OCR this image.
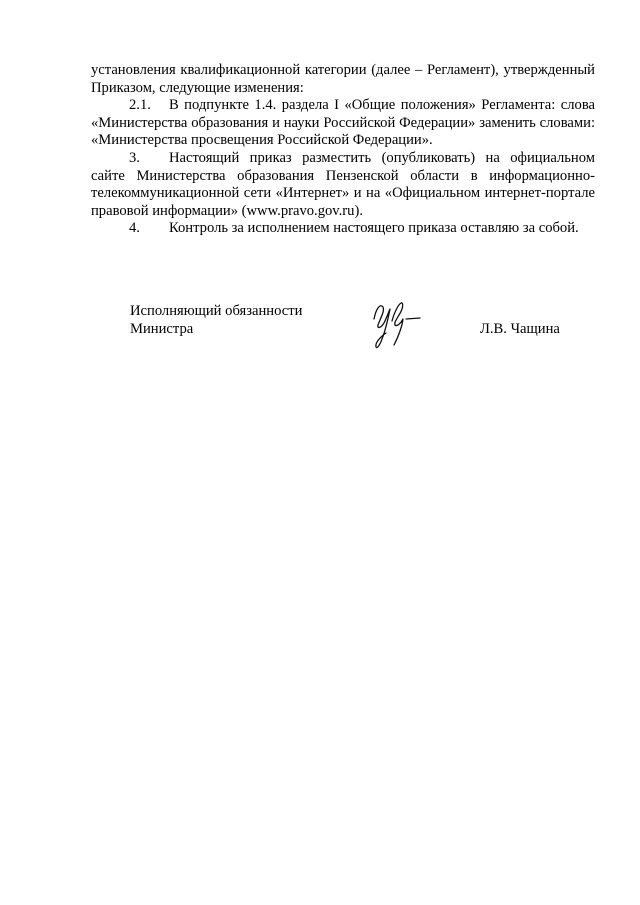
установления квалификационной категории (далее – Регламент), утвержденный Приказом, следующие изменения:

2.1. В подпункте 1.4. раздела I «Общие положения» Регламента: слова «Министерства образования и науки Российской Федерации» заменить словами: «Министерства просвещения Российской Федерации».

3. Настоящий приказ разместить (опубликовать) на официальном сайте Министерства образования Пензенской области в информационно-телекоммуникационной сети «Интернет» и на «Официальном интернет-портале правовой информации» (www.pravo.gov.ru).

4. Контроль за исполнением настоящего приказа оставляю за собой.

Исполняющий обязанности
Министра	Л.В. Чащина
